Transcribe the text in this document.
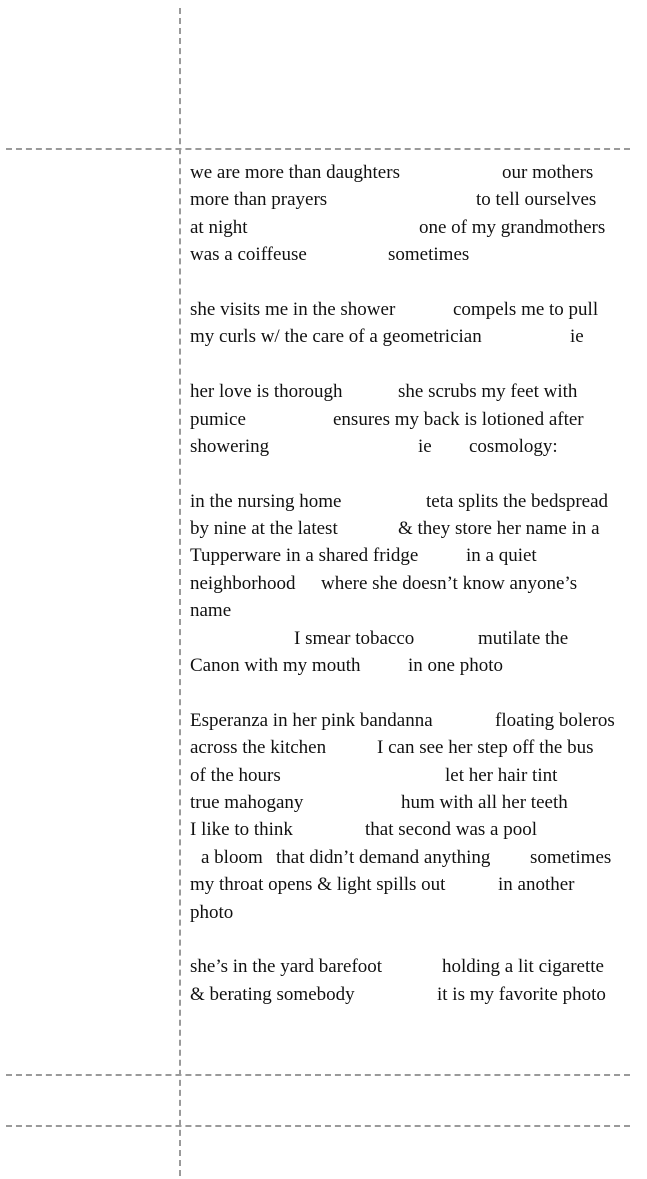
we are more than daughters

	our mothers

more than prayers

	to tell ourselves

at night

	one of my grandmothers

was a coiffeuse

	sometimes

she visits me in the shower

	compels me to pull

my curls w/ the care of a geometrician

	ie

her love is thorough

	she scrubs my feet with

pumice

	ensures my back is lotioned after

showering

	ie

cosmology:

in the nursing home

	teta splits the bedspread

by nine at the latest

	& they store her name in a

Tupperware in a shared fridge

	in a quiet

neighborhood

where she doesn’t know anyone’s

name

I smear tobacco

	mutilate the

Canon with my mouth

	in one photo

Esperanza in her pink bandanna

	floating boleros

across the kitchen

	I can see her step off the bus

of the hours

	let her hair tint

true mahogany

	hum with all her teeth

I like to think

	that second was a pool

a bloom

that didn’t demand anything

sometimes

my throat opens & light spills out

	in another

photo

she’s in the yard barefoot

	holding a lit cigarette

& berating somebody

	it is my favorite photo
